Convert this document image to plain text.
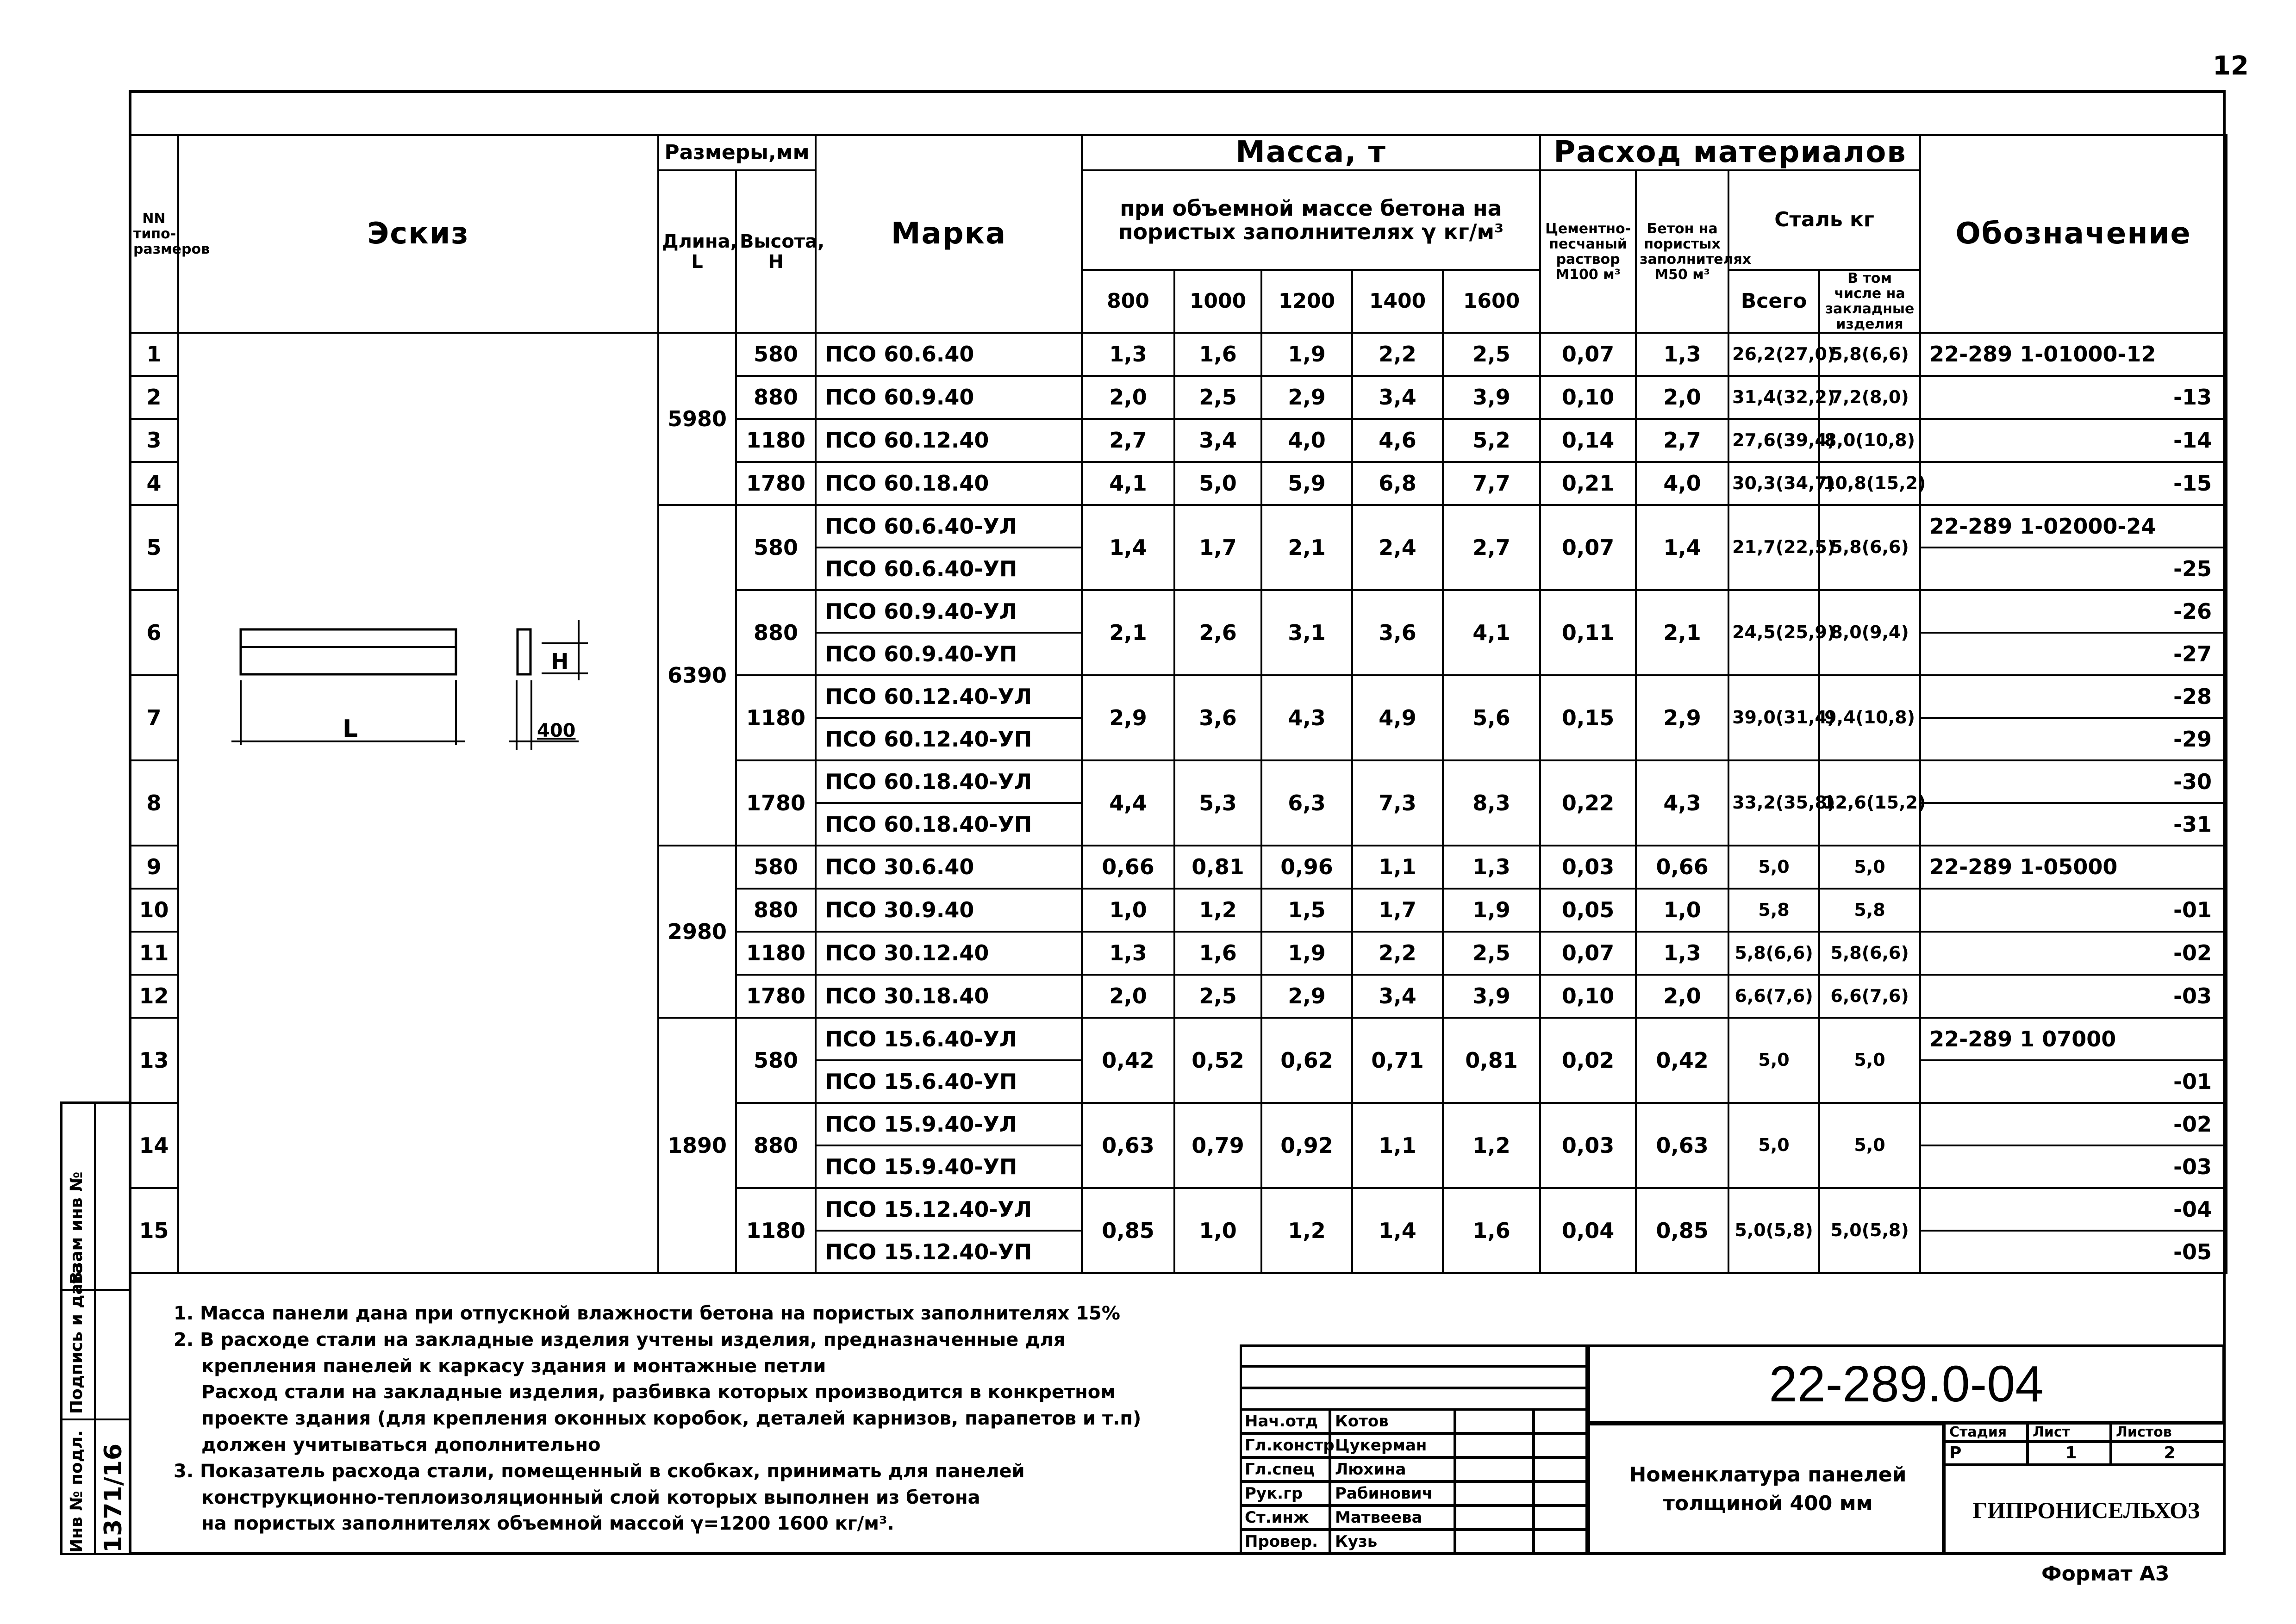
12
Инв № подл.
Подпись и дата
Взам инв №
1371/16
NN типо-размеров	Эскиз	Размеры,мм		Марка	Масса, т					Расход материалов				Обозначение
		Длина, L	Высота, H		при объемной массе бетона на пористых заполнителях γ кг/м³					Цементно-песчаный раствор М100 м³	Бетон на пористых заполнителях М50 м³	Сталь кг		
					800	1000	1200	1400	1600			Всего	В том числе на закладные изделия	
1		5980	580	ПСО 60.6.40	1,3	1,6	1,9	2,2	2,5	0,07	1,3	26,2(27,0)	5,8(6,6)	22-289 1-01000-12
2			880	ПСО 60.9.40	2,0	2,5	2,9	3,4	3,9	0,10	2,0	31,4(32,2)	7,2(8,0)	-13
3			1180	ПСО 60.12.40	2,7	3,4	4,0	4,6	5,2	0,14	2,7	27,6(39,4)	8,0(10,8)	-14
4			1780	ПСО 60.18.40	4,1	5,0	5,9	6,8	7,7	0,21	4,0	30,3(34,7)	10,8(15,2)	-15
5		6390	580	ПСО 60.6.40-УЛ	1,4	1,7	2,1	2,4	2,7	0,07	1,4	21,7(22,5)	5,8(6,6)	22-289 1-02000-24
				ПСО 60.6.40-УП										-25
6			880	ПСО 60.9.40-УЛ	2,1	2,6	3,1	3,6	4,1	0,11	2,1	24,5(25,9)	8,0(9,4)	-26
				ПСО 60.9.40-УП										-27
7			1180	ПСО 60.12.40-УЛ	2,9	3,6	4,3	4,9	5,6	0,15	2,9	39,0(31,4)	9,4(10,8)	-28
				ПСО 60.12.40-УП										-29
8			1780	ПСО 60.18.40-УЛ	4,4	5,3	6,3	7,3	8,3	0,22	4,3	33,2(35,8)	12,6(15,2)	-30
				ПСО 60.18.40-УП										-31
9		2980	580	ПСО 30.6.40	0,66	0,81	0,96	1,1	1,3	0,03	0,66	5,0	5,0	22-289 1-05000
10			880	ПСО 30.9.40	1,0	1,2	1,5	1,7	1,9	0,05	1,0	5,8	5,8	-01
11			1180	ПСО 30.12.40	1,3	1,6	1,9	2,2	2,5	0,07	1,3	5,8(6,6)	5,8(6,6)	-02
12			1780	ПСО 30.18.40	2,0	2,5	2,9	3,4	3,9	0,10	2,0	6,6(7,6)	6,6(7,6)	-03
13		1890	580	ПСО 15.6.40-УЛ	0,42	0,52	0,62	0,71	0,81	0,02	0,42	5,0	5,0	22-289 1 07000
				ПСО 15.6.40-УП										-01
14			880	ПСО 15.9.40-УЛ	0,63	0,79	0,92	1,1	1,2	0,03	0,63	5,0	5,0	-02
				ПСО 15.9.40-УП										-03
15			1180	ПСО 15.12.40-УЛ	0,85	1,0	1,2	1,4	1,6	0,04	0,85	5,0(5,8)	5,0(5,8)	-04
				ПСО 15.12.40-УП										-05
L
H
400

1. Масса панели дана при отпускной влажности бетона на пористых заполнителях 15%

2. В расходе стали на закладные изделия учтены изделия, предназначенные для

крепления панелей к каркасу здания и монтажные петли

Расход стали на закладные изделия, разбивка которых производится в конкретном

проекте здания (для крепления оконных коробок, деталей карнизов, парапетов и т.п)

должен учитываться дополнительно

3. Показатель расхода стали, помещенный в скобках, принимать для панелей

конструкционно-теплоизоляционный слой которых выполнен из бетона

на пористых заполнителях объемной массой γ=1200 1600 кг/м³.

Нач.отд	Котов
Гл.констр Цукерман
Гл.спец	Люхина
Рук.гр	Рабинович
Ст.инж	Матвеева
Провер.	Кузь
Номенклатура панелей
толщиной 400 мм
Стадия	Лист	Листов
Р	1	2
ГИПРОНИСЕЛЬХОЗ
22-289.0-04
Формат А3
